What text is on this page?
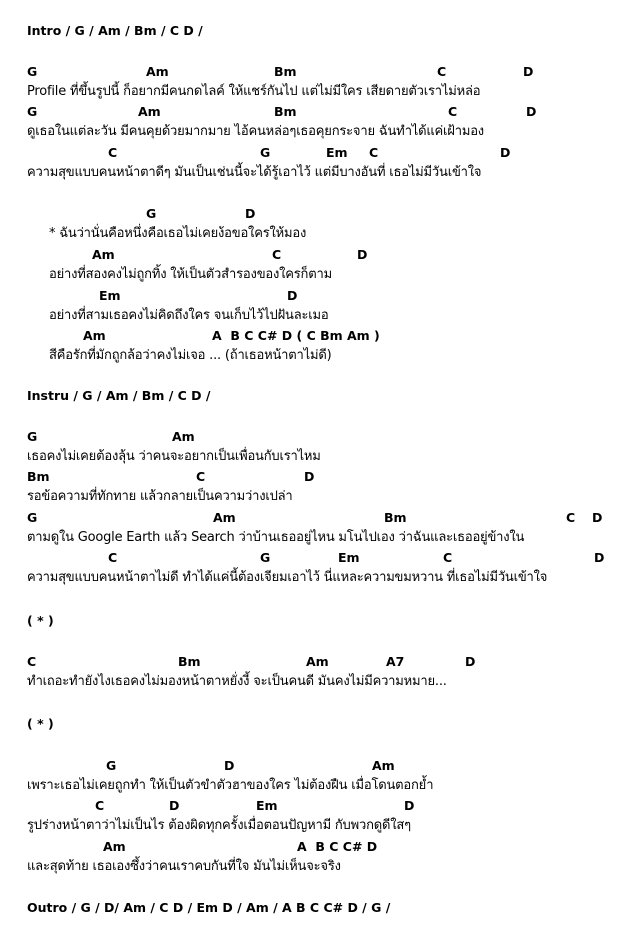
Intro / G / Am / Bm / C D /
G	Am	Bm	C	D
Profile ที่ขึ้นรูปนี้ ก็อยากมีคนกดไลค์ ให้แชร์กันไป แต่ไม่มีใคร เสียดายตัวเราไม่หล่อ
G	Am	Bm	C	D
ดูเธอในแต่ละวัน มีคนคุยด้วยมากมาย ไอ้คนหล่อๆเธอคุยกระจาย ฉันทำได้แค่เฝ้ามอง
C	G	Em C	D
ความสุขแบบคนหน้าตาดีๆ มันเป็นเช่นนี้จะได้รู้เอาไว้ แต่มีบางอันที่ เธอไม่มีวันเข้าใจ
G	D
* ฉันว่านั่นคือหนึ่งคือเธอไม่เคยง้อขอใครให้มอง
Am	C	D
อย่างที่สองคงไม่ถูกทิ้ง ให้เป็นตัวสำรองของใครก็ตาม
Em	D
อย่างที่สามเธอคงไม่คิดถึงใคร จนเก็บไว้ไปฝันละเมอ
Am	A  B C C# D ( C Bm Am )
สีคือรักที่มักถูกล้อว่าคงไม่เจอ ... (ถ้าเธอหน้าตาไม่ดี)
Instru / G / Am / Bm / C D /
G	Am
เธอคงไม่เคยต้องลุ้น ว่าคนจะอยากเป็นเพื่อนกับเราไหม
Bm	C	D
รอข้อความที่ทักทาย แล้วกลายเป็นความว่างเปล่า
G	Am	Bm	C D
ตามดูใน Google Earth แล้ว Search ว่าบ้านเธออยู่ไหน มโนไปเอง ว่าฉันและเธออยู่ข้างใน
C	G	Em	C	D
ความสุขแบบคนหน้าตาไม่ดี ทำได้แค่นี้ต้องเจียมเอาไว้ นี่แหละความขมหวาน ที่เธอไม่มีวันเข้าใจ
( * )
C	Bm	Am	A7	D
ทำเถอะทำยังไงเธอคงไม่มองหน้าตาหยั่งงี้ จะเป็นคนดี มันคงไม่มีความหมาย...
( * )
G	D	Am
เพราะเธอไม่เคยถูกทำ ให้เป็นตัวขำตัวฮาของใคร ไม่ต้องฝืน เมื่อโดนตอกย้ำ
C	D	Em	D
รูปร่างหน้าตาว่าไม่เป็นไร ต้องผิดทุกครั้งเมื่อตอนปัญหามี กับพวกดูดีใสๆ
Am	A  B C C# D
และสุดท้าย เธอเองซึ้งว่าคนเราคบกันที่ใจ มันไม่เห็นจะจริง
Outro / G / D/ Am / C D / Em D / Am / A B C C# D / G /
